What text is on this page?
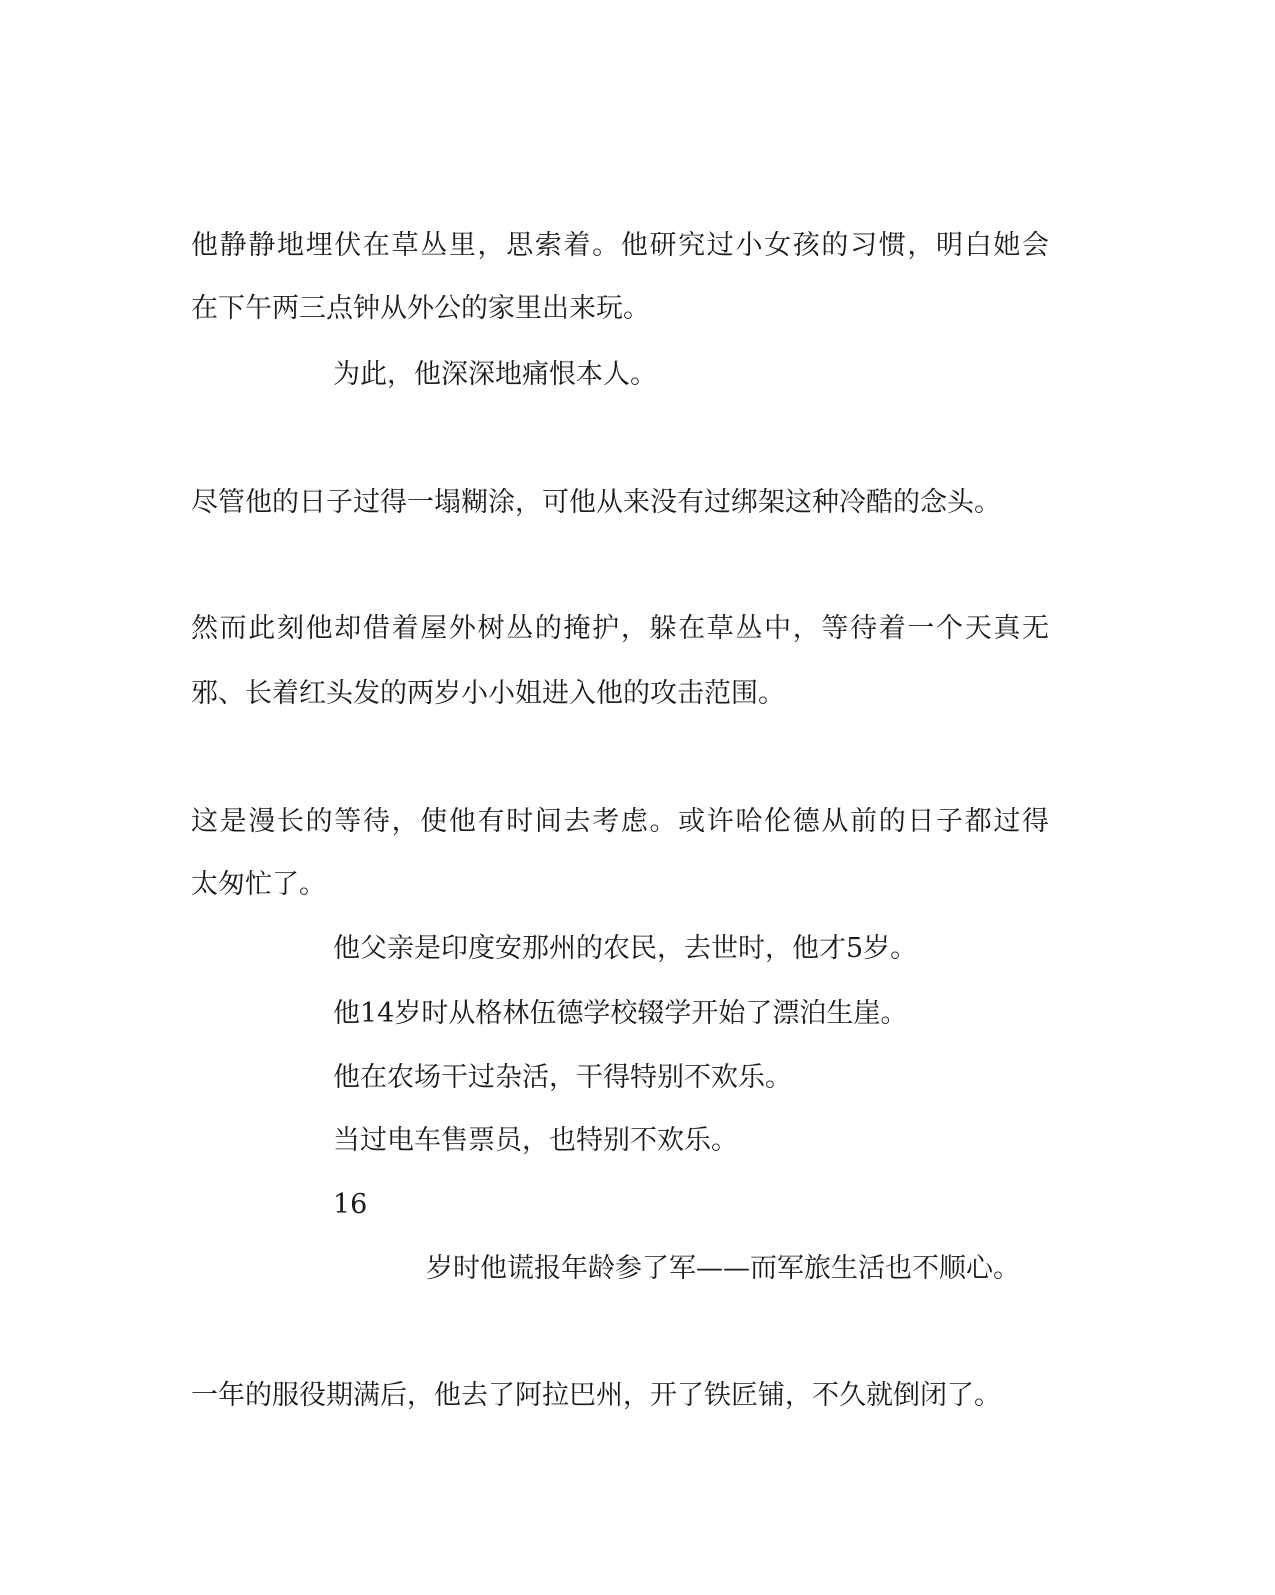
他静静地埋伏在草丛里，思索着。他研究过小女孩的习惯，明白她会

在下午两三点钟从外公的家里出来玩。

为此，他深深地痛恨本人。

尽管他的日子过得一塌糊涂，可他从来没有过绑架这种冷酷的念头。

然而此刻他却借着屋外树丛的掩护，躲在草丛中，等待着一个天真无

邪、长着红头发的两岁小小姐进入他的攻击范围。

这是漫长的等待，使他有时间去考虑。或许哈伦德从前的日子都过得

太匆忙了。

他父亲是印度安那州的农民，去世时，他才5岁。

他14岁时从格林伍德学校辍学开始了漂泊生崖。

他在农场干过杂活，干得特别不欢乐。

当过电车售票员，也特别不欢乐。

16

岁时他谎报年龄参了军——而军旅生活也不顺心。

一年的服役期满后，他去了阿拉巴州，开了铁匠铺，不久就倒闭了。
